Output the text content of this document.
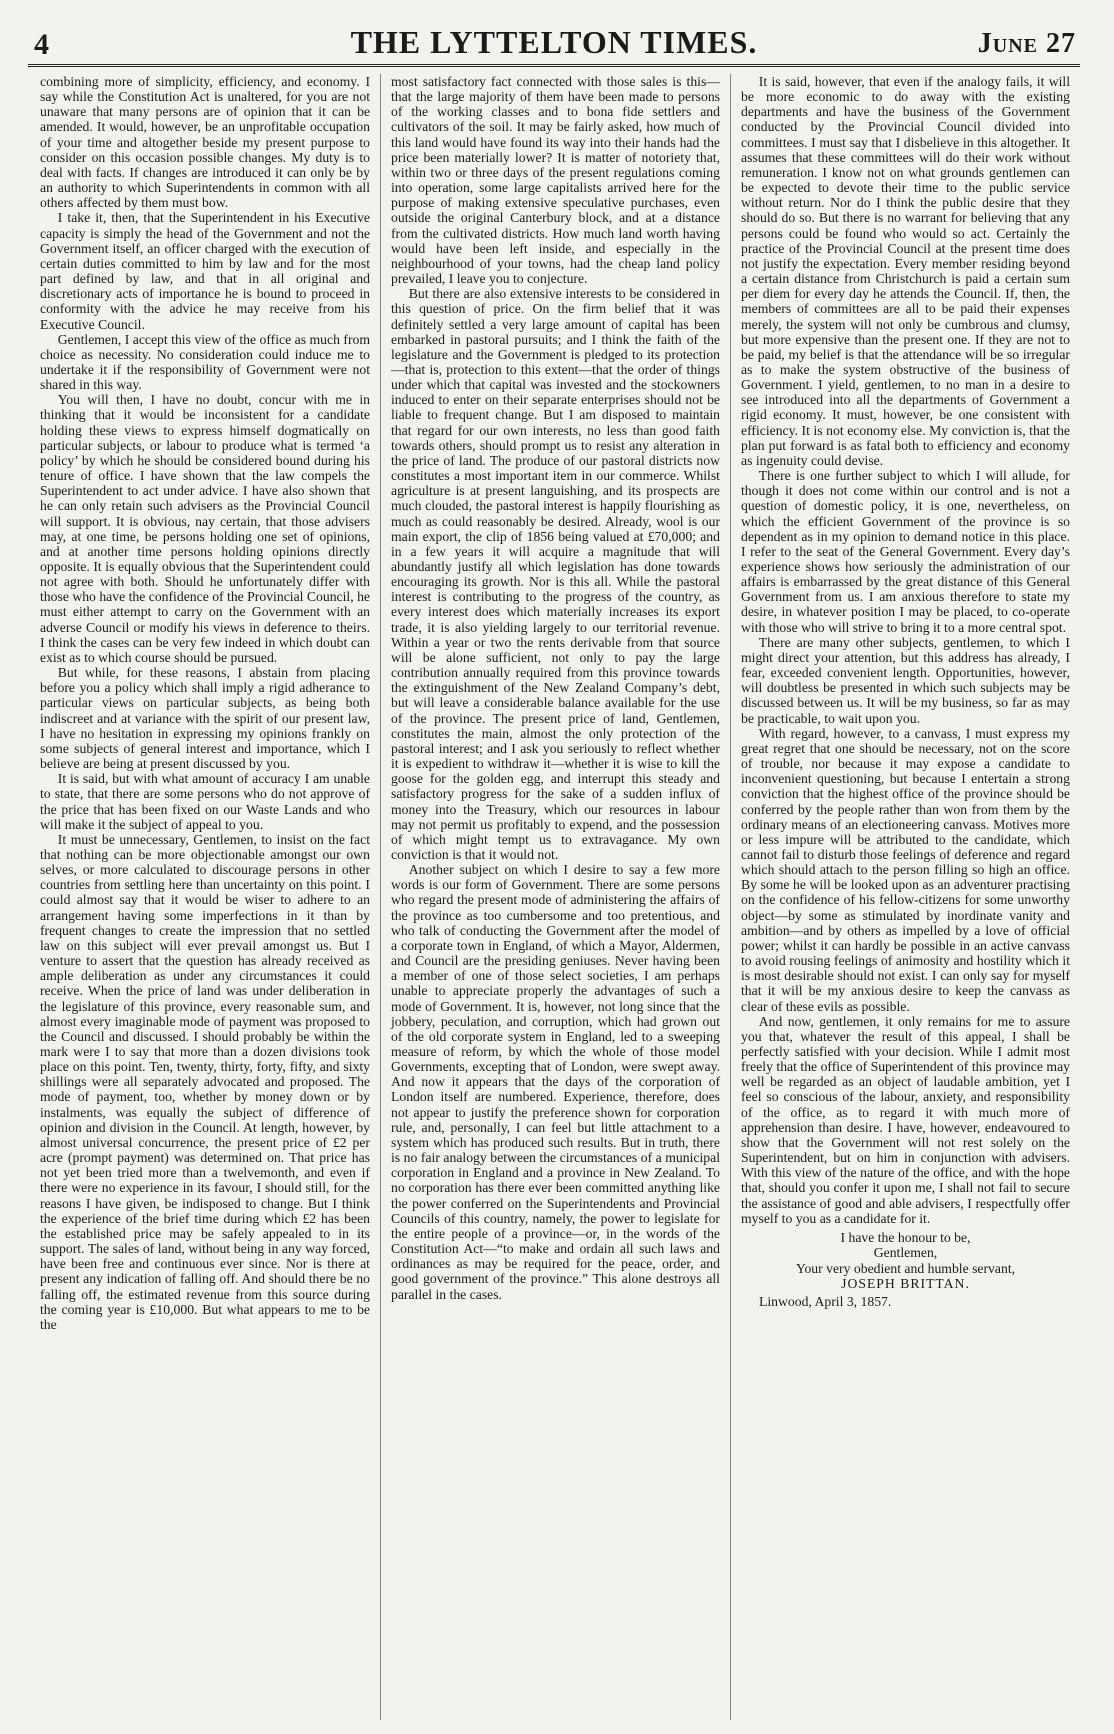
4	THE LYTTELTON TIMES.	June 27

combining more of simplicity, efficiency, and economy. I say while the Constitution Act is unaltered, for you are not unaware that many persons are of opinion that it can be amended. It would, however, be an unprofitable occupation of your time and altogether beside my present purpose to consider on this occasion possible changes. My duty is to deal with facts. If changes are introduced it can only be by an authority to which Superintendents in common with all others affected by them must bow.

I take it, then, that the Superintendent in his Executive capacity is simply the head of the Government and not the Government itself, an officer charged with the execution of certain duties committed to him by law and for the most part defined by law, and that in all original and discretionary acts of importance he is bound to proceed in conformity with the advice he may receive from his Executive Council.

Gentlemen, I accept this view of the office as much from choice as necessity. No consideration could induce me to undertake it if the responsibility of Government were not shared in this way.

You will then, I have no doubt, concur with me in thinking that it would be inconsistent for a candidate holding these views to express himself dogmatically on particular subjects, or labour to produce what is termed ‘a policy’ by which he should be considered bound during his tenure of office. I have shown that the law compels the Superintendent to act under advice. I have also shown that he can only retain such advisers as the Provincial Council will support. It is obvious, nay certain, that those advisers may, at one time, be persons holding one set of opinions, and at another time persons holding opinions directly opposite. It is equally obvious that the Superintendent could not agree with both. Should he unfortunately differ with those who have the confidence of the Provincial Council, he must either attempt to carry on the Government with an adverse Council or modify his views in deference to theirs. I think the cases can be very few indeed in which doubt can exist as to which course should be pursued.

But while, for these reasons, I abstain from placing before you a policy which shall imply a rigid adherance to particular views on particular subjects, as being both indiscreet and at variance with the spirit of our present law, I have no hesitation in expressing my opinions frankly on some subjects of general interest and importance, which I believe are being at present discussed by you.

It is said, but with what amount of accuracy I am unable to state, that there are some persons who do not approve of the price that has been fixed on our Waste Lands and who will make it the subject of appeal to you.

It must be unnecessary, Gentlemen, to insist on the fact that nothing can be more objectionable amongst our own selves, or more calculated to discourage persons in other countries from settling here than uncertainty on this point. I could almost say that it would be wiser to adhere to an arrangement having some imperfections in it than by frequent changes to create the impression that no settled law on this subject will ever prevail amongst us. But I venture to assert that the question has already received as ample deliberation as under any circumstances it could receive. When the price of land was under deliberation in the legislature of this province, every reasonable sum, and almost every imaginable mode of payment was proposed to the Council and discussed. I should probably be within the mark were I to say that more than a dozen divisions took place on this point. Ten, twenty, thirty, forty, fifty, and sixty shillings were all separately advocated and proposed. The mode of payment, too, whether by money down or by instalments, was equally the subject of difference of opinion and division in the Council. At length, however, by almost universal concurrence, the present price of £2 per acre (prompt payment) was determined on. That price has not yet been tried more than a twelvemonth, and even if there were no experience in its favour, I should still, for the reasons I have given, be indisposed to change. But I think the experience of the brief time during which £2 has been the established price may be safely appealed to in its support. The sales of land, without being in any way forced, have been free and continuous ever since. Nor is there at present any indication of falling off. And should there be no falling off, the estimated revenue from this source during the coming year is £10,000. But what appears to me to be the

most satisfactory fact connected with those sales is this—that the large majority of them have been made to persons of the working classes and to bona fide settlers and cultivators of the soil. It may be fairly asked, how much of this land would have found its way into their hands had the price been materially lower? It is matter of notoriety that, within two or three days of the present regulations coming into operation, some large capitalists arrived here for the purpose of making extensive speculative purchases, even outside the original Canterbury block, and at a distance from the cultivated districts. How much land worth having would have been left inside, and especially in the neighbourhood of your towns, had the cheap land policy prevailed, I leave you to conjecture.

But there are also extensive interests to be considered in this question of price. On the firm belief that it was definitely settled a very large amount of capital has been embarked in pastoral pursuits; and I think the faith of the legislature and the Government is pledged to its protection—that is, protection to this extent—that the order of things under which that capital was invested and the stockowners induced to enter on their separate enterprises should not be liable to frequent change. But I am disposed to maintain that regard for our own interests, no less than good faith towards others, should prompt us to resist any alteration in the price of land. The produce of our pastoral districts now constitutes a most important item in our commerce. Whilst agriculture is at present languishing, and its prospects are much clouded, the pastoral interest is happily flourishing as much as could reasonably be desired. Already, wool is our main export, the clip of 1856 being valued at £70,000; and in a few years it will acquire a magnitude that will abundantly justify all which legislation has done towards encouraging its growth. Nor is this all. While the pastoral interest is contributing to the progress of the country, as every interest does which materially increases its export trade, it is also yielding largely to our territorial revenue. Within a year or two the rents derivable from that source will be alone sufficient, not only to pay the large contribution annually required from this province towards the extinguishment of the New Zealand Company’s debt, but will leave a considerable balance available for the use of the province. The present price of land, Gentlemen, constitutes the main, almost the only protection of the pastoral interest; and I ask you seriously to reflect whether it is expedient to withdraw it—whether it is wise to kill the goose for the golden egg, and interrupt this steady and satisfactory progress for the sake of a sudden influx of money into the Treasury, which our resources in labour may not permit us profitably to expend, and the possession of which might tempt us to extravagance. My own conviction is that it would not.

Another subject on which I desire to say a few more words is our form of Government. There are some persons who regard the present mode of administering the affairs of the province as too cumbersome and too pretentious, and who talk of conducting the Government after the model of a corporate town in England, of which a Mayor, Aldermen, and Council are the presiding geniuses. Never having been a member of one of those select societies, I am perhaps unable to appreciate properly the advantages of such a mode of Government. It is, however, not long since that the jobbery, peculation, and corruption, which had grown out of the old corporate system in England, led to a sweeping measure of reform, by which the whole of those model Governments, excepting that of London, were swept away. And now it appears that the days of the corporation of London itself are numbered. Experience, therefore, does not appear to justify the preference shown for corporation rule, and, personally, I can feel but little attachment to a system which has produced such results. But in truth, there is no fair analogy between the circumstances of a municipal corporation in England and a province in New Zealand. To no corporation has there ever been committed anything like the power conferred on the Superintendents and Provincial Councils of this country, namely, the power to legislate for the entire people of a province—or, in the words of the Constitution Act—“to make and ordain all such laws and ordinances as may be required for the peace, order, and good government of the province.” This alone destroys all parallel in the cases.

It is said, however, that even if the analogy fails, it will be more economic to do away with the existing departments and have the business of the Government conducted by the Provincial Council divided into committees. I must say that I disbelieve in this altogether. It assumes that these committees will do their work without remuneration. I know not on what grounds gentlemen can be expected to devote their time to the public service without return. Nor do I think the public desire that they should do so. But there is no warrant for believing that any persons could be found who would so act. Certainly the practice of the Provincial Council at the present time does not justify the expectation. Every member residing beyond a certain distance from Christchurch is paid a certain sum per diem for every day he attends the Council. If, then, the members of committees are all to be paid their expenses merely, the system will not only be cumbrous and clumsy, but more expensive than the present one. If they are not to be paid, my belief is that the attendance will be so irregular as to make the system obstructive of the business of Government. I yield, gentlemen, to no man in a desire to see introduced into all the departments of Government a rigid economy. It must, however, be one consistent with efficiency. It is not economy else. My conviction is, that the plan put forward is as fatal both to efficiency and economy as ingenuity could devise.

There is one further subject to which I will allude, for though it does not come within our control and is not a question of domestic policy, it is one, nevertheless, on which the efficient Government of the province is so dependent as in my opinion to demand notice in this place. I refer to the seat of the General Government. Every day’s experience shows how seriously the administration of our affairs is embarrassed by the great distance of this General Government from us. I am anxious therefore to state my desire, in whatever position I may be placed, to co-operate with those who will strive to bring it to a more central spot.

There are many other subjects, gentlemen, to which I might direct your attention, but this address has already, I fear, exceeded convenient length. Opportunities, however, will doubtless be presented in which such subjects may be discussed between us. It will be my business, so far as may be practicable, to wait upon you.

With regard, however, to a canvass, I must express my great regret that one should be necessary, not on the score of trouble, nor because it may expose a candidate to inconvenient questioning, but because I entertain a strong conviction that the highest office of the province should be conferred by the people rather than won from them by the ordinary means of an electioneering canvass. Motives more or less impure will be attributed to the candidate, which cannot fail to disturb those feelings of deference and regard which should attach to the person filling so high an office. By some he will be looked upon as an adventurer practising on the confidence of his fellow-citizens for some unworthy object—by some as stimulated by inordinate vanity and ambition—and by others as impelled by a love of official power; whilst it can hardly be possible in an active canvass to avoid rousing feelings of animosity and hostility which it is most desirable should not exist. I can only say for myself that it will be my anxious desire to keep the canvass as clear of these evils as possible.

And now, gentlemen, it only remains for me to assure you that, whatever the result of this appeal, I shall be perfectly satisfied with your decision. While I admit most freely that the office of Superintendent of this province may well be regarded as an object of laudable ambition, yet I feel so conscious of the labour, anxiety, and responsibility of the office, as to regard it with much more of apprehension than desire. I have, however, endeavoured to show that the Government will not rest solely on the Superintendent, but on him in conjunction with advisers. With this view of the nature of the office, and with the hope that, should you confer it upon me, I shall not fail to secure the assistance of good and able advisers, I respectfully offer myself to you as a candidate for it.

I have the honour to be,
Gentlemen,
Your very obedient and humble servant,
JOSEPH BRITTAN.
Linwood, April 3, 1857.
